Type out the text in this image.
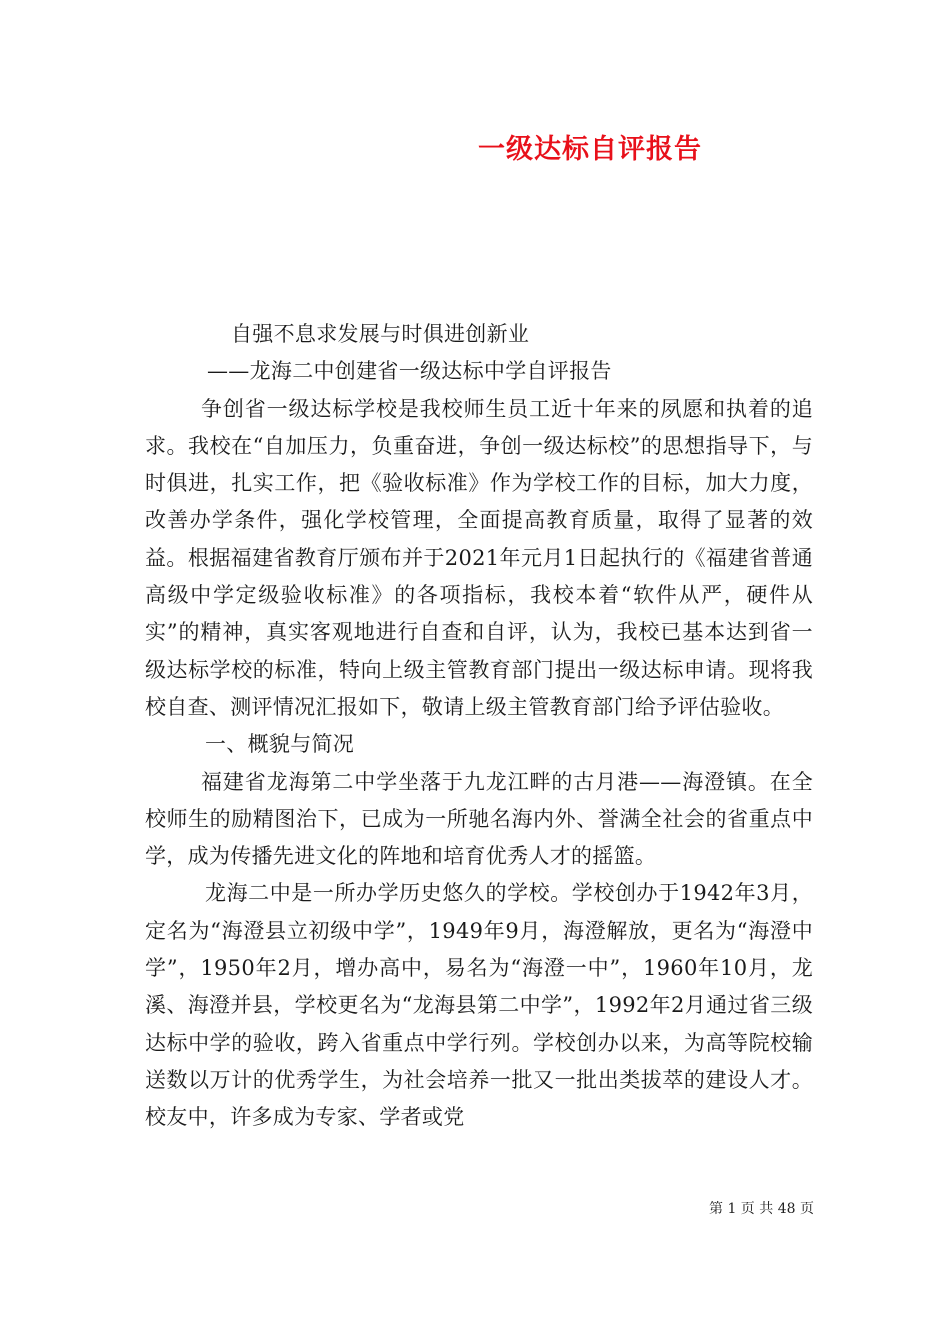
一级达标自评报告

自强不息求发展与时俱进创新业

——龙海二中创建省一级达标中学自评报告

争创省一级达标学校是我校师生员工近十年来的夙愿和执着的追求。我校在“自加压力，负重奋进，争创一级达标校”的思想指导下，与时俱进，扎实工作，把《验收标准》作为学校工作的目标，加大力度，改善办学条件，强化学校管理，全面提高教育质量，取得了显著的效益。根据福建省教育厅颁布并于2021年元月1日起执行的《福建省普通高级中学定级验收标准》的各项指标，我校本着“软件从严，硬件从实”的精神，真实客观地进行自查和自评，认为，我校已基本达到省一级达标学校的标准，特向上级主管教育部门提出一级达标申请。现将我校自查、测评情况汇报如下，敬请上级主管教育部门给予评估验收。

一、概貌与简况

福建省龙海第二中学坐落于九龙江畔的古月港——海澄镇。在全校师生的励精图治下，已成为一所驰名海内外、誉满全社会的省重点中学，成为传播先进文化的阵地和培育优秀人才的摇篮。

龙海二中是一所办学历史悠久的学校。学校创办于1942年3月，定名为“海澄县立初级中学”，1949年9月，海澄解放，更名为“海澄中学”，1950年2月，增办高中，易名为“海澄一中”，1960年10月，龙溪、海澄并县，学校更名为“龙海县第二中学”，1992年2月通过省三级达标中学的验收，跨入省重点中学行列。学校创办以来，为高等院校输送数以万计的优秀学生，为社会培养一批又一批出类拔萃的建设人才。校友中，许多成为专家、学者或党

第 1 页 共 48 页
